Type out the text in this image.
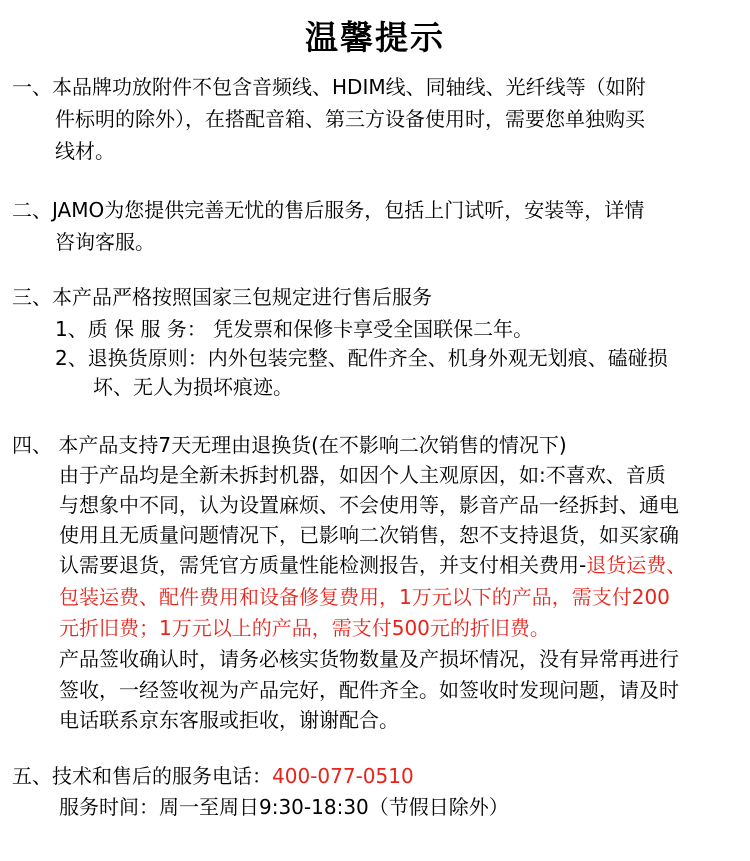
温馨提示
一、本品牌功放附件不包含音频线、HDIM线、同轴线、光纤线等（如附
件标明的除外），在搭配音箱、第三方设备使用时，需要您单独购买
线材。
二、JAMO为您提供完善无忧的售后服务，包括上门试听，安装等，详情
咨询客服。
三、本产品严格按照国家三包规定进行售后服务
1、质 保 服 务： 凭发票和保修卡享受全国联保二年。
2、退换货原则：内外包装完整、配件齐全、机身外观无划痕、磕碰损
坏、无人为损坏痕迹。
四、 本产品支持7天无理由退换货(在不影响二次销售的情况下)
由于产品均是全新未拆封机器，如因个人主观原因，如:不喜欢、音质
与想象中不同，认为设置麻烦、不会使用等，影音产品一经拆封、通电
使用且无质量问题情况下，已影响二次销售，恕不支持退货，如买家确
认需要退货，需凭官方质量性能检测报告，并支付相关费用-退货运费、
包装运费、配件费用和设备修复费用，1万元以下的产品，需支付200
元折旧费；1万元以上的产品，需支付500元的折旧费。
产品签收确认时，请务必核实货物数量及产损坏情况，没有异常再进行
签收，一经签收视为产品完好，配件齐全。如签收时发现问题，请及时
电话联系京东客服或拒收，谢谢配合。
五、技术和售后的服务电话：400-077-0510
服务时间：周一至周日9:30-18:30（节假日除外）
